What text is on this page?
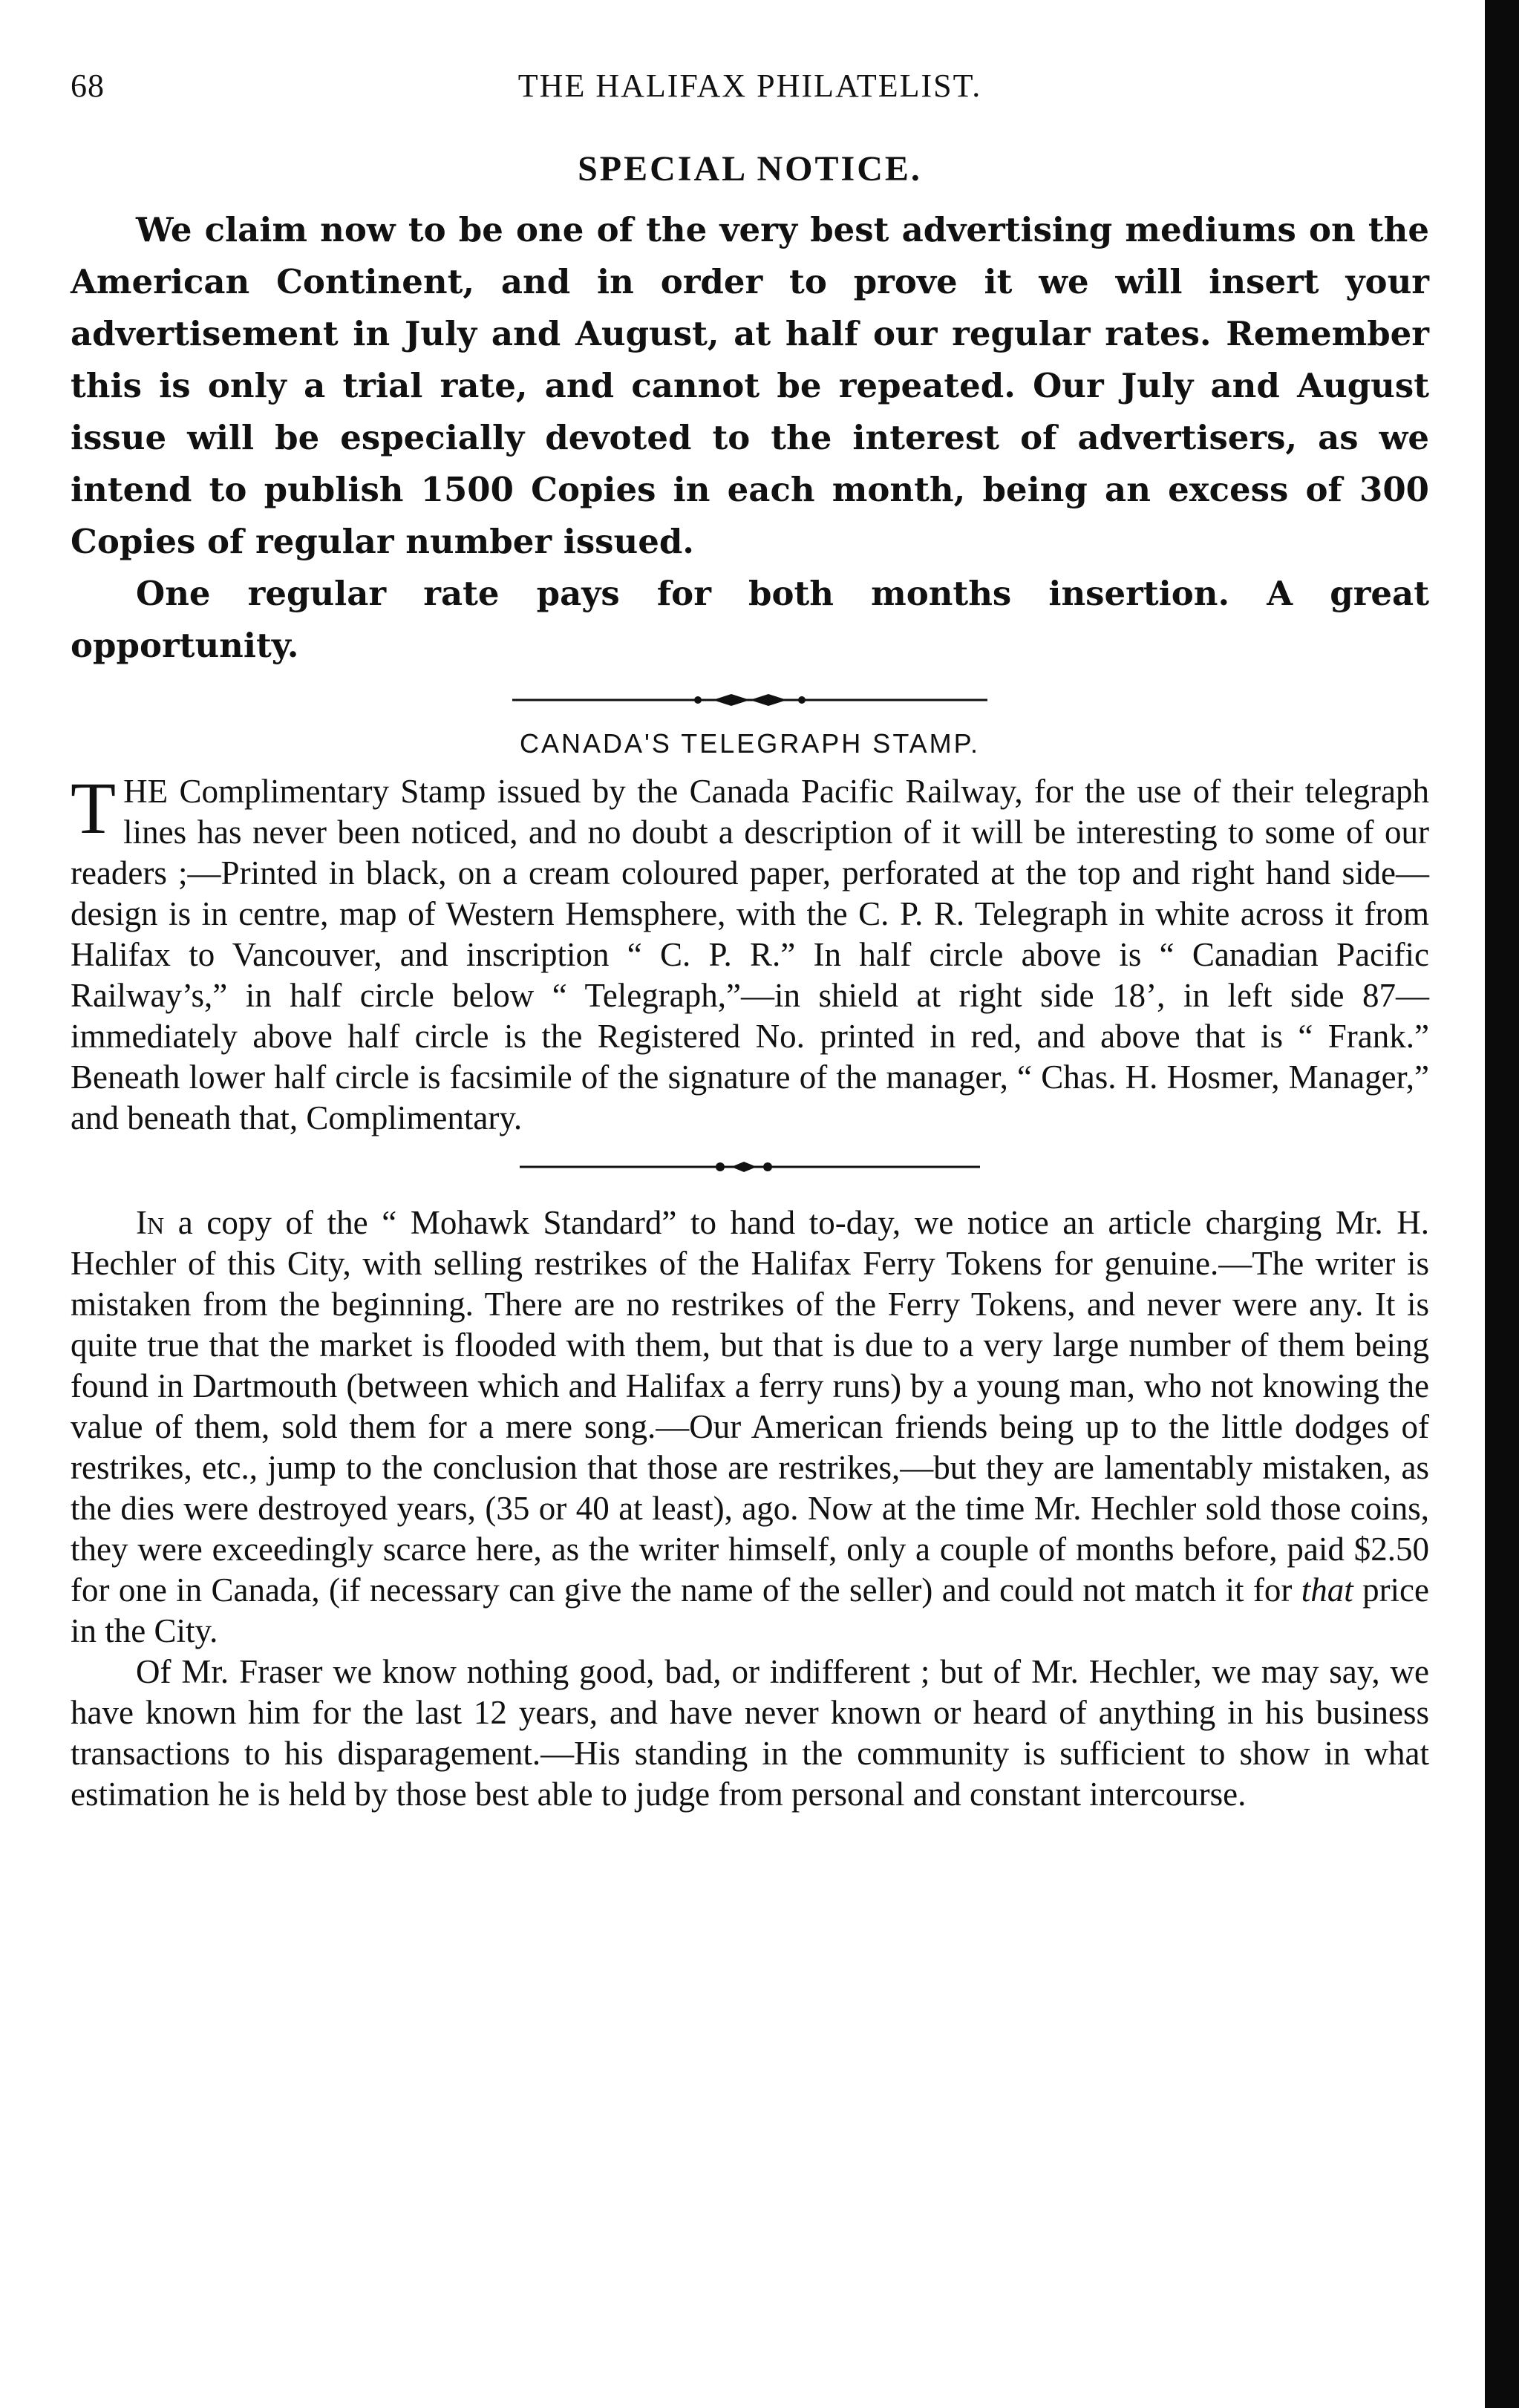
68	THE HALIFAX PHILATELIST.
SPECIAL NOTICE.

We claim now to be one of the very best advertising mediums on the American Continent, and in order to prove it we will insert your advertisement in July and August, at half our regular rates. Remember this is only a trial rate, and cannot be repeated. Our July and August issue will be especially devoted to the interest of advertisers, as we intend to publish 1500 Copies in each month, being an excess of 300 Copies of regular number issued.

One regular rate pays for both months insertion. A great opportunity.

CANADA'S TELEGRAPH STAMP.

THE Complimentary Stamp issued by the Canada Pacific Railway, for the use of their telegraph lines has never been noticed, and no doubt a description of it will be interesting to some of our readers ;—Printed in black, on a cream coloured paper, perforated at the top and right hand side—design is in centre, map of Western Hemsphere, with the C. P. R. Telegraph in white across it from Halifax to Vancouver, and inscription “ C. P. R.” In half circle above is “ Canadian Pacific Railway’s,” in half circle below “ Telegraph,”—in shield at right side 18’, in left side 87—immediately above half circle is the Registered No. printed in red, and above that is “ Frank.” Beneath lower half circle is facsimile of the signature of the manager, “ Chas. H. Hosmer, Manager,” and beneath that, Complimentary.

In a copy of the “ Mohawk Standard” to hand to-day, we notice an article charging Mr. H. Hechler of this City, with selling restrikes of the Halifax Ferry Tokens for genuine.—The writer is mistaken from the beginning. There are no restrikes of the Ferry Tokens, and never were any. It is quite true that the market is flooded with them, but that is due to a very large number of them being found in Dartmouth (between which and Halifax a ferry runs) by a young man, who not knowing the value of them, sold them for a mere song.—Our American friends being up to the little dodges of restrikes, etc., jump to the conclusion that those are restrikes,—but they are lamentably mistaken, as the dies were destroyed years, (35 or 40 at least), ago. Now at the time Mr. Hechler sold those coins, they were exceedingly scarce here, as the writer himself, only a couple of months before, paid $2.50 for one in Canada, (if necessary can give the name of the seller) and could not match it for that price in the City.

Of Mr. Fraser we know nothing good, bad, or indifferent ; but of Mr. Hechler, we may say, we have known him for the last 12 years, and have never known or heard of anything in his business transactions to his disparagement.—His standing in the community is sufficient to show in what estimation he is held by those best able to judge from personal and constant intercourse.
